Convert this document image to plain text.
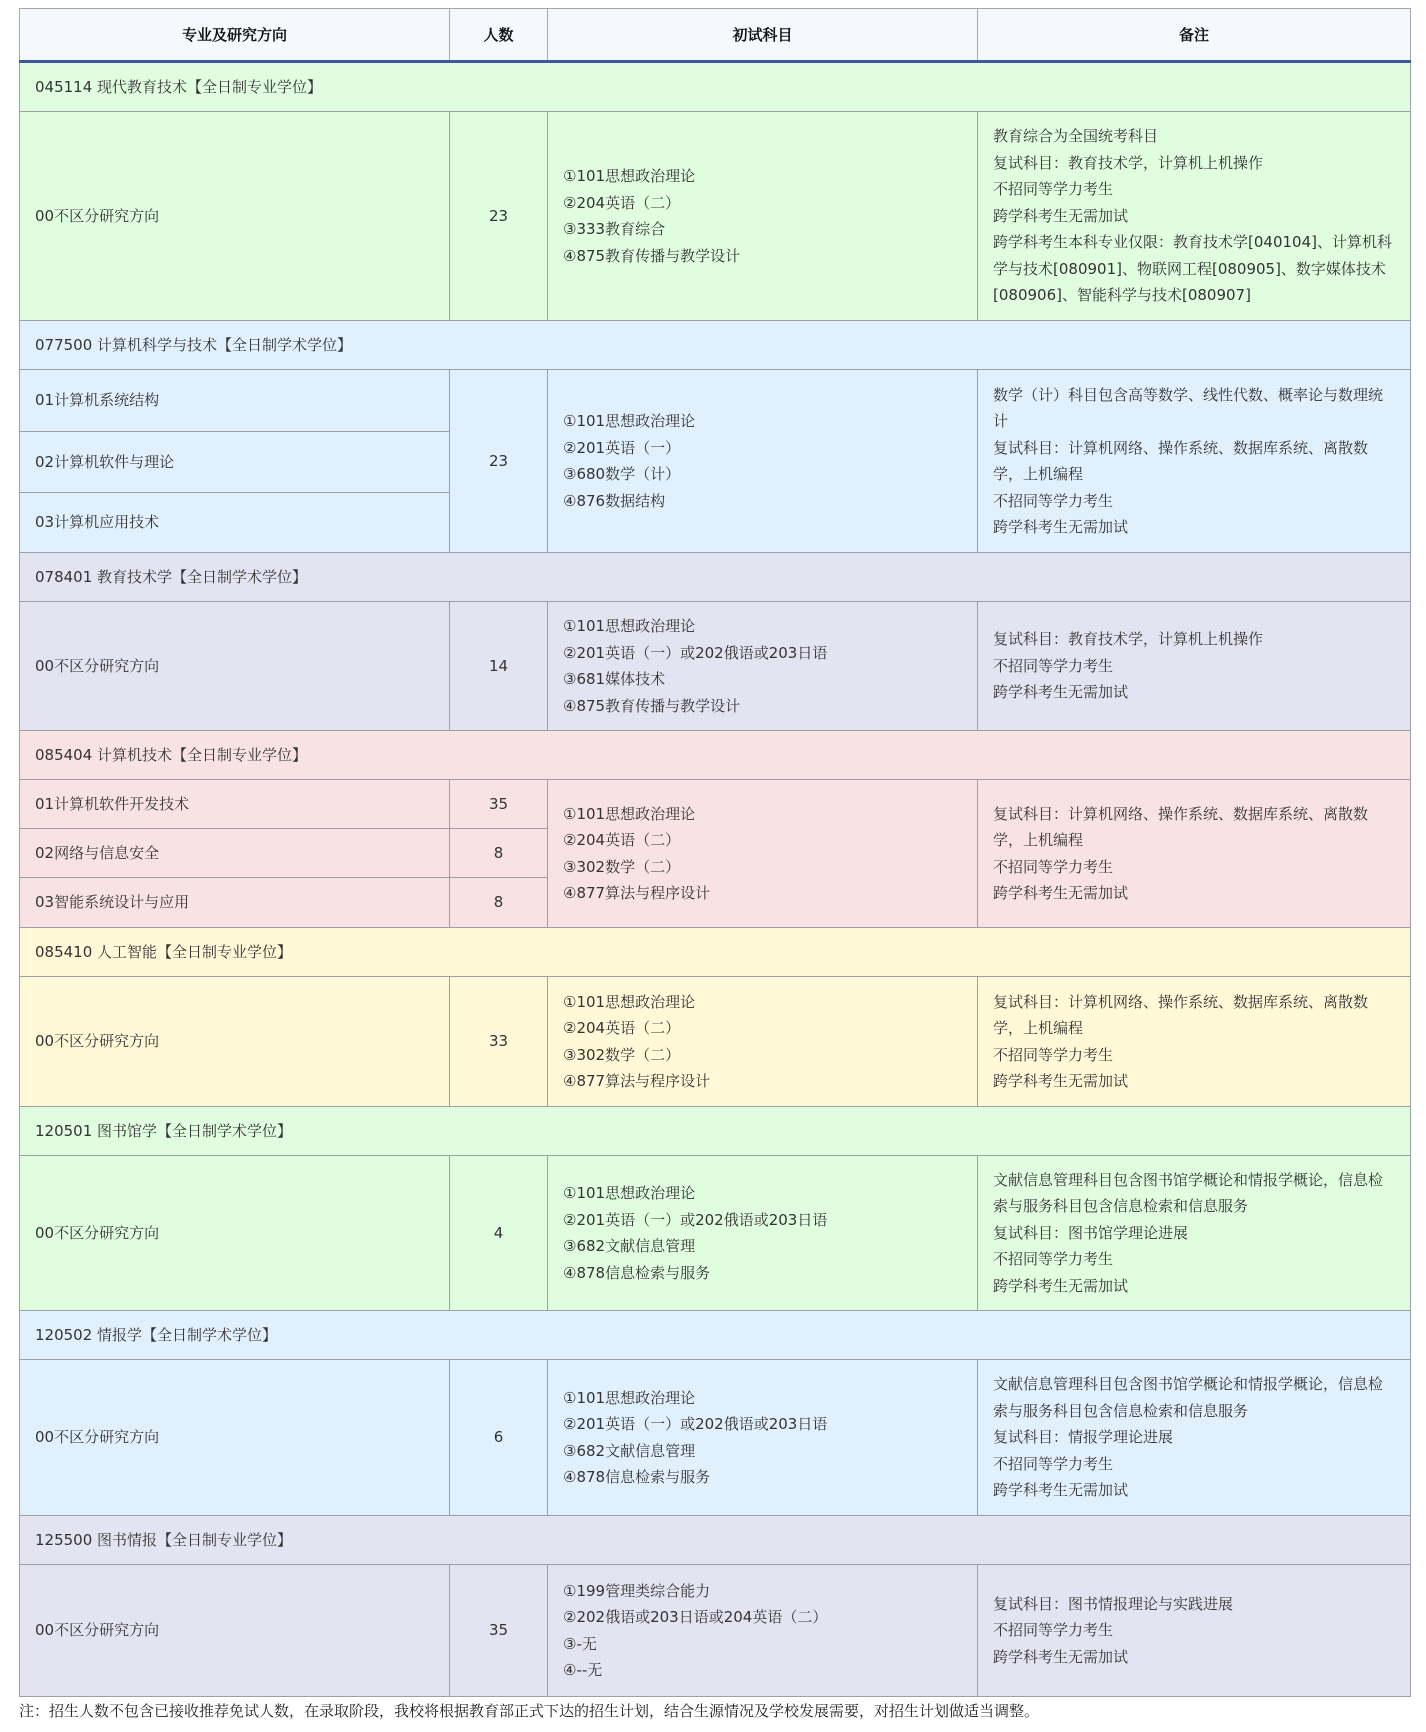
专业及研究方向	人数	初试科目	备注
045114 现代教育技术【全日制专业学位】			
00不区分研究方向	23	①101思想政治理论
②204英语（二）
③333教育综合
④875教育传播与教学设计	教育综合为全国统考科目
复试科目：教育技术学，计算机上机操作
不招同等学力考生
跨学科考生无需加试
跨学科考生本科专业仅限：教育技术学[040104]、计算机科学与技术[080901]、物联网工程[080905]、数字媒体技术[080906]、智能科学与技术[080907]

077500 计算机科学与技术【全日制学术学位】			
01计算机系统结构	23	①101思想政治理论
②201英语（一）
③680数学（计）
④876数据结构	数学（计）科目包含高等数学、线性代数、概率论与数理统计
复试科目：计算机网络、操作系统、数据库系统、离散数学，上机编程
不招同等学力考生
跨学科考生无需加试

02计算机软件与理论			
03计算机应用技术			
078401 教育技术学【全日制学术学位】			
00不区分研究方向	14	①101思想政治理论
②201英语（一）或202俄语或203日语
③681媒体技术
④875教育传播与教学设计	复试科目：教育技术学，计算机上机操作
不招同等学力考生
跨学科考生无需加试

085404 计算机技术【全日制专业学位】			
01计算机软件开发技术	35	①101思想政治理论
②204英语（二）
③302数学（二）
④877算法与程序设计	复试科目：计算机网络、操作系统、数据库系统、离散数学，上机编程
不招同等学力考生
跨学科考生无需加试

02网络与信息安全	8		
03智能系统设计与应用	8		
085410 人工智能【全日制专业学位】			
00不区分研究方向	33	①101思想政治理论
②204英语（二）
③302数学（二）
④877算法与程序设计	复试科目：计算机网络、操作系统、数据库系统、离散数学，上机编程
不招同等学力考生
跨学科考生无需加试

120501 图书馆学【全日制学术学位】			
00不区分研究方向	4	①101思想政治理论
②201英语（一）或202俄语或203日语
③682文献信息管理
④878信息检索与服务	文献信息管理科目包含图书馆学概论和情报学概论，信息检索与服务科目包含信息检索和信息服务
复试科目：图书馆学理论进展
不招同等学力考生
跨学科考生无需加试

120502 情报学【全日制学术学位】			
00不区分研究方向	6	①101思想政治理论
②201英语（一）或202俄语或203日语
③682文献信息管理
④878信息检索与服务	文献信息管理科目包含图书馆学概论和情报学概论，信息检索与服务科目包含信息检索和信息服务
复试科目：情报学理论进展
不招同等学力考生
跨学科考生无需加试

125500 图书情报【全日制专业学位】			
00不区分研究方向	35	①199管理类综合能力
②202俄语或203日语或204英语（二）
③-无
④--无	复试科目：图书情报理论与实践进展
不招同等学力考生
跨学科考生无需加试
注：招生人数不包含已接收推荐免试人数，在录取阶段，我校将根据教育部正式下达的招生计划，结合生源情况及学校发展需要，对招生计划做适当调整。
